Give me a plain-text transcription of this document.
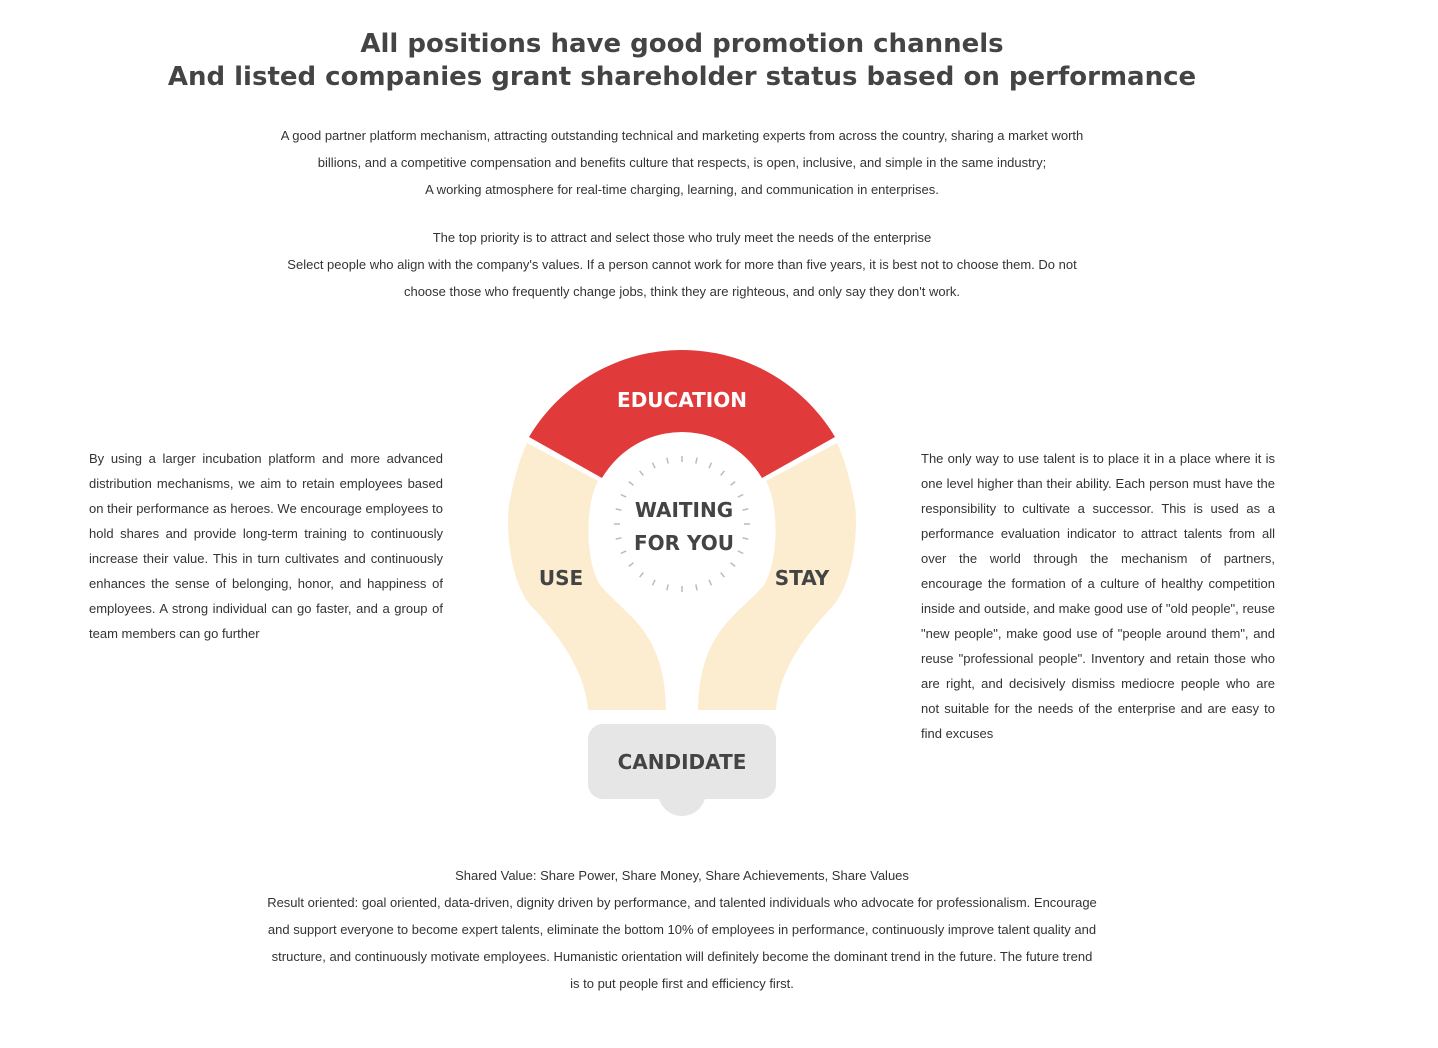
All positions have good promotion channels
And listed companies grant shareholder status based on performance
A good partner platform mechanism, attracting outstanding technical and marketing experts from across the country, sharing a market worth
billions, and a competitive compensation and benefits culture that respects, is open, inclusive, and simple in the same industry;
A working atmosphere for real-time charging, learning, and communication in enterprises.
The top priority is to attract and select those who truly meet the needs of the enterprise
Select people who align with the company's values. If a person cannot work for more than five years, it is best not to choose them. Do not
choose those who frequently change jobs, think they are righteous, and only say they don't work.
By using a larger incubation platform and more advanced distribution mechanisms, we aim to retain employees based on their performance as heroes. We encourage employees to hold shares and provide long-term training to continuously increase their value. This in turn cultivates and continuously enhances the sense of belonging, honor, and happiness of employees. A strong individual can go faster, and a group of team members can go further
The only way to use talent is to place it in a place where it is one level higher than their ability. Each person must have the responsibility to cultivate a successor. This is used as a performance evaluation indicator to attract talents from all over the world through the mechanism of partners, encourage the formation of a culture of healthy competition inside and outside, and make good use of "old people", reuse "new people", make good use of "people around them", and reuse "professional people". Inventory and retain those who are right, and decisively dismiss mediocre people who are not suitable for the needs of the enterprise and are easy to find excuses
EDUCATION
WAITING
FOR YOU
USE	STAY
CANDIDATE
Shared Value: Share Power, Share Money, Share Achievements, Share Values
Result oriented: goal oriented, data-driven, dignity driven by performance, and talented individuals who advocate for professionalism. Encourage
and support everyone to become expert talents, eliminate the bottom 10% of employees in performance, continuously improve talent quality and
structure, and continuously motivate employees. Humanistic orientation will definitely become the dominant trend in the future. The future trend
is to put people first and efficiency first.
